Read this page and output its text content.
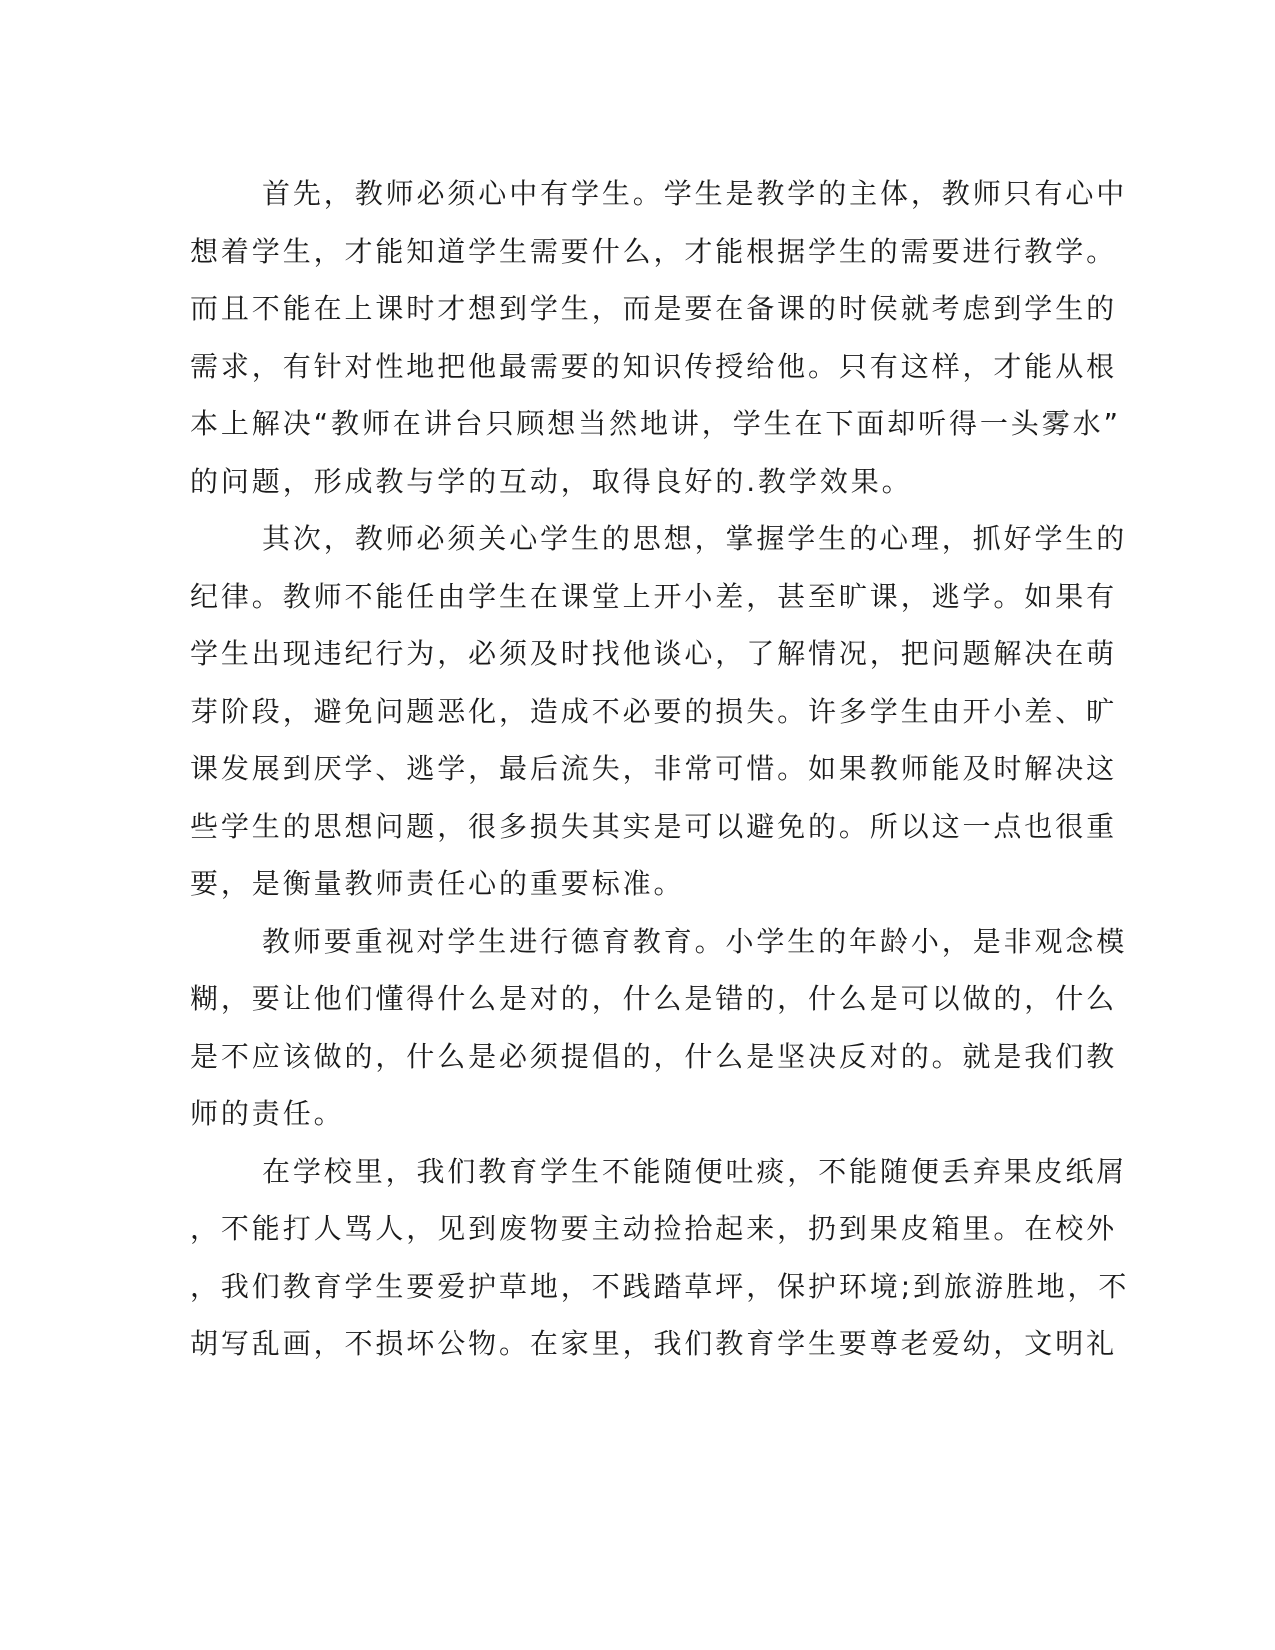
首先，教师必须心中有学生。学生是教学的主体，教师只有心中
想着学生，才能知道学生需要什么，才能根据学生的需要进行教学。
而且不能在上课时才想到学生，而是要在备课的时侯就考虑到学生的
需求，有针对性地把他最需要的知识传授给他。只有这样，才能从根
本上解决“教师在讲台只顾想当然地讲，学生在下面却听得一头雾水”
的问题，形成教与学的互动，取得良好的.教学效果。
其次，教师必须关心学生的思想，掌握学生的心理，抓好学生的
纪律。教师不能任由学生在课堂上开小差，甚至旷课，逃学。如果有
学生出现违纪行为，必须及时找他谈心，了解情况，把问题解决在萌
芽阶段，避免问题恶化，造成不必要的损失。许多学生由开小差、旷
课发展到厌学、逃学，最后流失，非常可惜。如果教师能及时解决这
些学生的思想问题，很多损失其实是可以避免的。所以这一点也很重
要，是衡量教师责任心的重要标准。
教师要重视对学生进行德育教育。小学生的年龄小，是非观念模
糊，要让他们懂得什么是对的，什么是错的，什么是可以做的，什么
是不应该做的，什么是必须提倡的，什么是坚决反对的。就是我们教
师的责任。
在学校里，我们教育学生不能随便吐痰，不能随便丢弃果皮纸屑
，不能打人骂人，见到废物要主动捡拾起来，扔到果皮箱里。在校外
，我们教育学生要爱护草地，不践踏草坪，保护环境;到旅游胜地，不
胡写乱画，不损坏公物。在家里，我们教育学生要尊老爱幼，文明礼
